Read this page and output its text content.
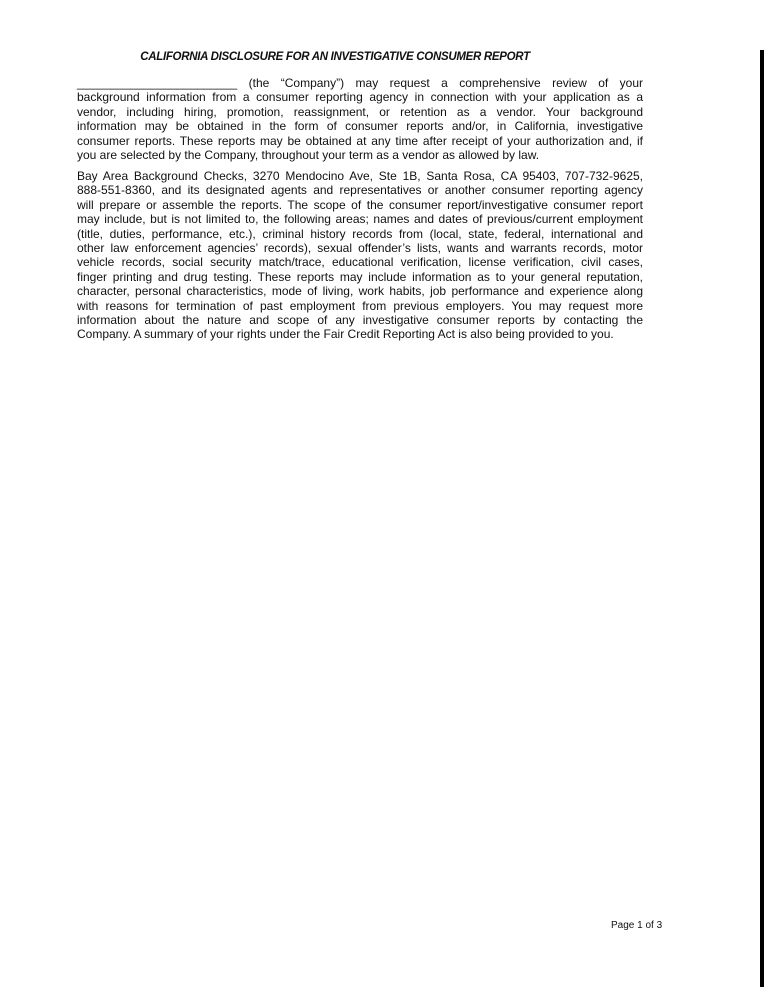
CALIFORNIA DISCLOSURE FOR AN INVESTIGATIVE CONSUMER REPORT
________________________ (the “Company”) may request a comprehensive review of your
background information from a consumer reporting agency in connection with your application as a
vendor, including hiring, promotion, reassignment, or retention as a vendor. Your background
information may be obtained in the form of consumer reports and/or, in California, investigative
consumer reports. These reports may be obtained at any time after receipt of your authorization and, if
you are selected by the Company, throughout your term as a vendor as allowed by law.
Bay Area Background Checks, 3270 Mendocino Ave, Ste 1B, Santa Rosa, CA 95403, 707-732-9625,
888-551-8360, and its designated agents and representatives or another consumer reporting agency
will prepare or assemble the reports. The scope of the consumer report/investigative consumer report
may include, but is not limited to, the following areas; names and dates of previous/current employment
(title, duties, performance, etc.), criminal history records from (local, state, federal, international and
other law enforcement agencies’ records), sexual offender’s lists, wants and warrants records, motor
vehicle records, social security match/trace, educational verification, license verification, civil cases,
finger printing and drug testing. These reports may include information as to your general reputation,
character, personal characteristics, mode of living, work habits, job performance and experience along
with reasons for termination of past employment from previous employers. You may request more
information about the nature and scope of any investigative consumer reports by contacting the
Company. A summary of your rights under the Fair Credit Reporting Act is also being provided to you.
Page 1 of 3
